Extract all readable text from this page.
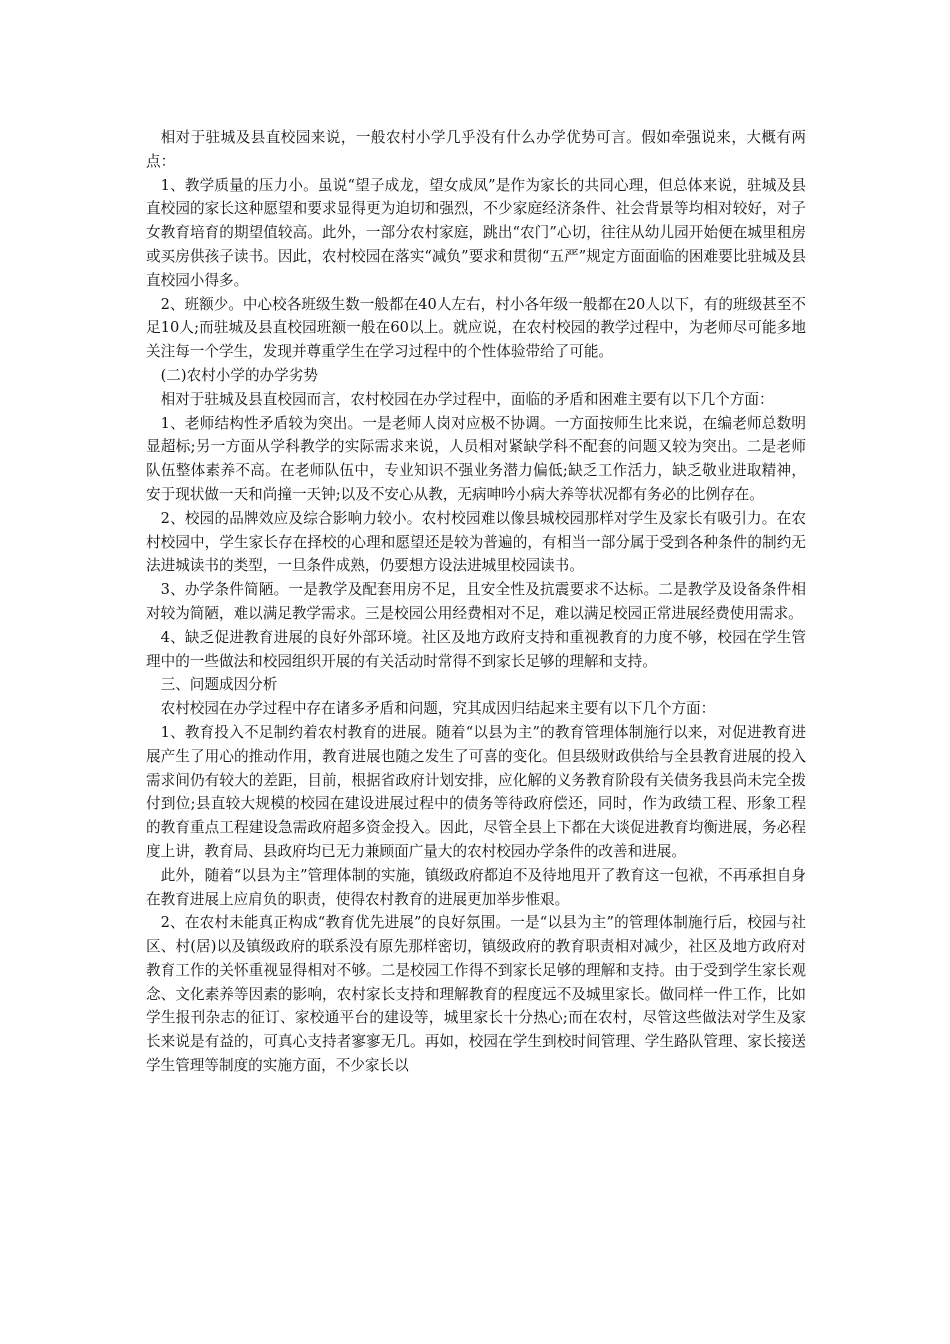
相对于驻城及县直校园来说，一般农村小学几乎没有什么办学优势可言。假如牵强说来，大概有两点：

1、教学质量的压力小。虽说“望子成龙，望女成凤”是作为家长的共同心理，但总体来说，驻城及县直校园的家长这种愿望和要求显得更为迫切和强烈，不少家庭经济条件、社会背景等均相对较好，对子女教育培育的期望值较高。此外，一部分农村家庭，跳出“农门”心切，往往从幼儿园开始便在城里租房或买房供孩子读书。因此，农村校园在落实“减负”要求和贯彻“五严”规定方面面临的困难要比驻城及县直校园小得多。

2、班额少。中心校各班级生数一般都在40人左右，村小各年级一般都在20人以下，有的班级甚至不足10人;而驻城及县直校园班额一般在60以上。就应说，在农村校园的教学过程中，为老师尽可能多地关注每一个学生，发现并尊重学生在学习过程中的个性体验带给了可能。

(二)农村小学的办学劣势

相对于驻城及县直校园而言，农村校园在办学过程中，面临的矛盾和困难主要有以下几个方面：

1、老师结构性矛盾较为突出。一是老师人岗对应极不协调。一方面按师生比来说，在编老师总数明显超标;另一方面从学科教学的实际需求来说，人员相对紧缺学科不配套的问题又较为突出。二是老师队伍整体素养不高。在老师队伍中，专业知识不强业务潜力偏低;缺乏工作活力，缺乏敬业进取精神，安于现状做一天和尚撞一天钟;以及不安心从教，无病呻吟小病大养等状况都有务必的比例存在。

2、校园的品牌效应及综合影响力较小。农村校园难以像县城校园那样对学生及家长有吸引力。在农村校园中，学生家长存在择校的心理和愿望还是较为普遍的，有相当一部分属于受到各种条件的制约无法进城读书的类型，一旦条件成熟，仍要想方设法进城里校园读书。

3、办学条件简陋。一是教学及配套用房不足，且安全性及抗震要求不达标。二是教学及设备条件相对较为简陋，难以满足教学需求。三是校园公用经费相对不足，难以满足校园正常进展经费使用需求。

4、缺乏促进教育进展的良好外部环境。社区及地方政府支持和重视教育的力度不够，校园在学生管理中的一些做法和校园组织开展的有关活动时常得不到家长足够的理解和支持。

三、问题成因分析

农村校园在办学过程中存在诸多矛盾和问题，究其成因归结起来主要有以下几个方面：

1、教育投入不足制约着农村教育的进展。随着“以县为主”的教育管理体制施行以来，对促进教育进展产生了用心的推动作用，教育进展也随之发生了可喜的变化。但县级财政供给与全县教育进展的投入需求间仍有较大的差距，目前，根据省政府计划安排，应化解的义务教育阶段有关债务我县尚未完全拨付到位;县直较大规模的校园在建设进展过程中的债务等待政府偿还，同时，作为政绩工程、形象工程的教育重点工程建设急需政府超多资金投入。因此，尽管全县上下都在大谈促进教育均衡进展，务必程度上讲，教育局、县政府均已无力兼顾面广量大的农村校园办学条件的改善和进展。

此外，随着“以县为主”管理体制的实施，镇级政府都迫不及待地甩开了教育这一包袱，不再承担自身在教育进展上应肩负的职责，使得农村教育的进展更加举步惟艰。

2、在农村未能真正构成“教育优先进展”的良好氛围。一是“以县为主”的管理体制施行后，校园与社区、村(居)以及镇级政府的联系没有原先那样密切，镇级政府的教育职责相对减少，社区及地方政府对教育工作的关怀重视显得相对不够。二是校园工作得不到家长足够的理解和支持。由于受到学生家长观念、文化素养等因素的影响，农村家长支持和理解教育的程度远不及城里家长。做同样一件工作，比如学生报刊杂志的征订、家校通平台的建设等，城里家长十分热心;而在农村，尽管这些做法对学生及家长来说是有益的，可真心支持者寥寥无几。再如，校园在学生到校时间管理、学生路队管理、家长接送学生管理等制度的实施方面，不少家长以
